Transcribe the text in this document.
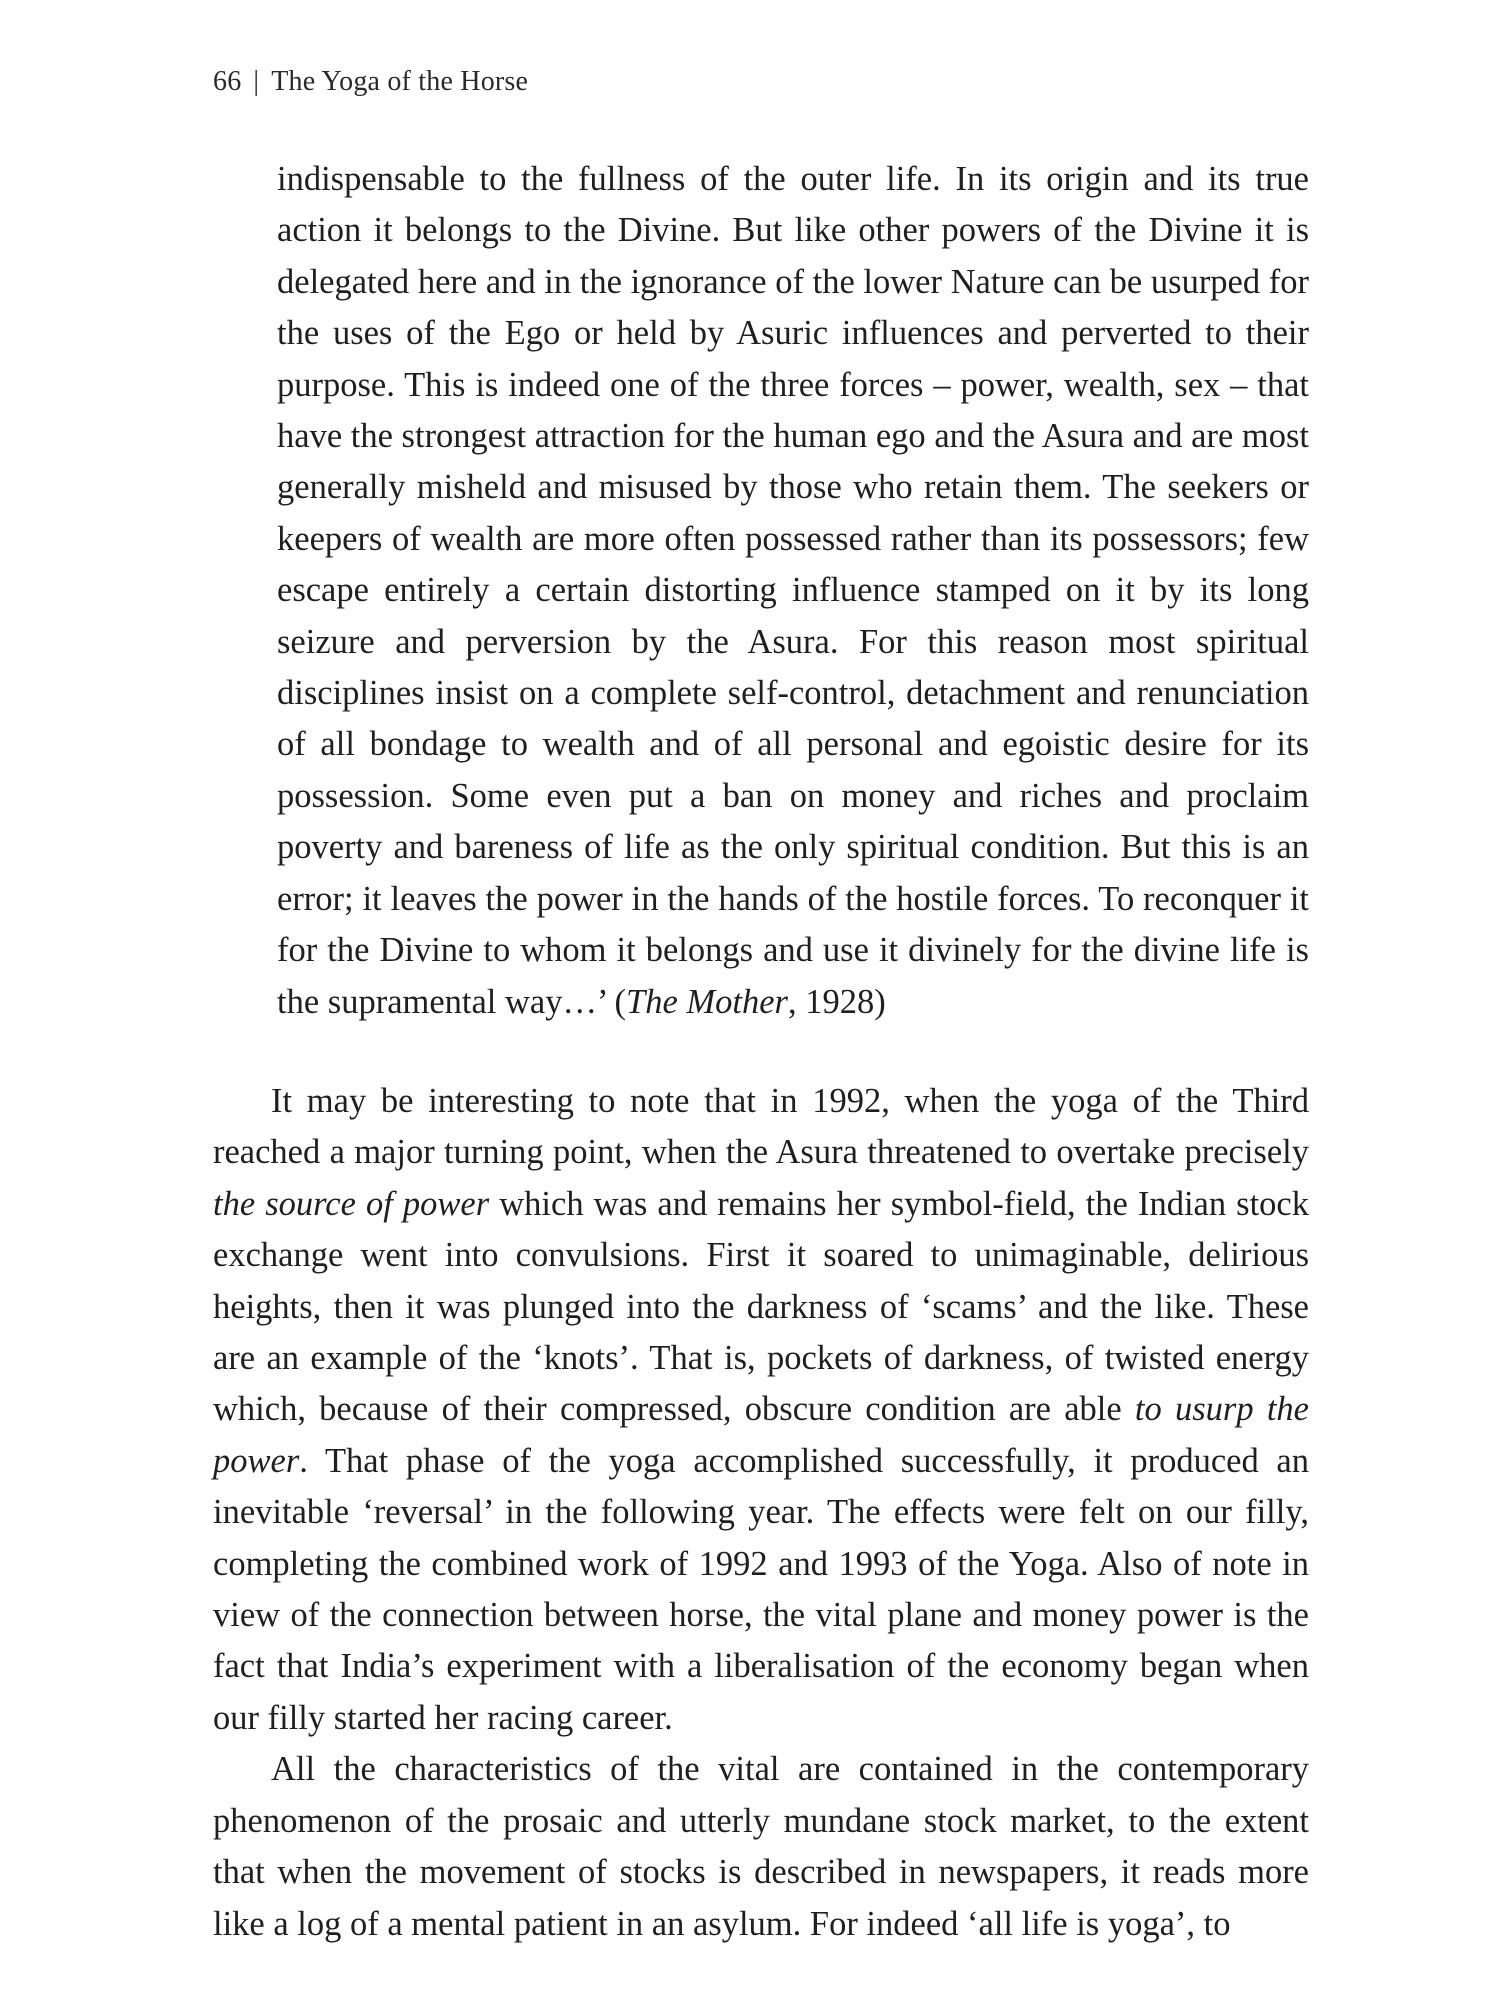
66 | The Yoga of the Horse
indispensable to the fullness of the outer life. In its origin and its true action it belongs to the Divine. But like other powers of the Divine it is delegated here and in the ignorance of the lower Nature can be usurped for the uses of the Ego or held by Asuric influences and perverted to their purpose. This is indeed one of the three forces – power, wealth, sex – that have the strongest attraction for the human ego and the Asura and are most generally misheld and misused by those who retain them. The seekers or keepers of wealth are more often possessed rather than its possessors; few escape entirely a certain distorting influence stamped on it by its long seizure and perversion by the Asura. For this reason most spiritual disciplines insist on a complete self-control, detachment and renunciation of all bondage to wealth and of all personal and egoistic desire for its possession. Some even put a ban on money and riches and proclaim poverty and bareness of life as the only spiritual condition. But this is an error; it leaves the power in the hands of the hostile forces. To reconquer it for the Divine to whom it belongs and use it divinely for the divine life is the supramental way…’ (The Mother, 1928)

It may be interesting to note that in 1992, when the yoga of the Third reached a major turning point, when the Asura threatened to overtake precisely the source of power which was and remains her symbol-field, the Indian stock exchange went into convulsions. First it soared to unimaginable, delirious heights, then it was plunged into the darkness of ‘scams’ and the like. These are an example of the ‘knots’. That is, pockets of darkness, of twisted energy which, because of their compressed, obscure condition are able to usurp the power. That phase of the yoga accomplished successfully, it produced an inevitable ‘reversal’ in the following year. The effects were felt on our filly, completing the combined work of 1992 and 1993 of the Yoga. Also of note in view of the connection between horse, the vital plane and money power is the fact that India’s experiment with a liberalisation of the economy began when our filly started her racing career.

All the characteristics of the vital are contained in the contemporary phenomenon of the prosaic and utterly mundane stock market, to the extent that when the movement of stocks is described in newspapers, it reads more like a log of a mental patient in an asylum. For indeed ‘all life is yoga’, to
